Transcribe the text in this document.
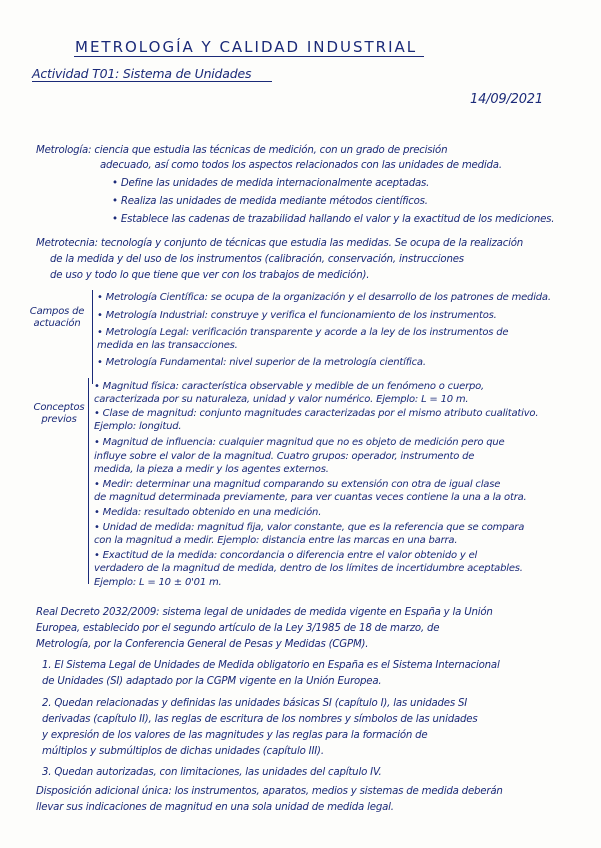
METROLOGÍA Y CALIDAD INDUSTRIAL
Actividad T01: Sistema de Unidades
14/09/2021
Metrología: ciencia que estudia las técnicas de medición, con un grado de precisión
adecuado, así como todos los aspectos relacionados con las unidades de medida.
• Define las unidades de medida internacionalmente aceptadas.
• Realiza las unidades de medida mediante métodos científicos.
• Establece las cadenas de trazabilidad hallando el valor y la exactitud de los mediciones.
Metrotecnia: tecnología y conjunto de técnicas que estudia las medidas. Se ocupa de la realización
de la medida y del uso de los instrumentos (calibración, conservación, instrucciones
de uso y todo lo que tiene que ver con los trabajos de medición).
Campos de actuación
• Metrología Científica: se ocupa de la organización y el desarrollo de los patrones de medida.
• Metrología Industrial: construye y verifica el funcionamiento de los instrumentos.
• Metrología Legal: verificación transparente y acorde a la ley de los instrumentos de
medida en las transacciones.
• Metrología Fundamental: nivel superior de la metrología científica.
Conceptos previos
• Magnitud física: característica observable y medible de un fenómeno o cuerpo,
caracterizada por su naturaleza, unidad y valor numérico. Ejemplo: L = 10 m.
• Clase de magnitud: conjunto magnitudes caracterizadas por el mismo atributo cualitativo.
Ejemplo: longitud.
• Magnitud de influencia: cualquier magnitud que no es objeto de medición pero que
influye sobre el valor de la magnitud. Cuatro grupos: operador, instrumento de
medida, la pieza a medir y los agentes externos.
• Medir: determinar una magnitud comparando su extensión con otra de igual clase
de magnitud determinada previamente, para ver cuantas veces contiene la una a la otra.
• Medida: resultado obtenido en una medición.
• Unidad de medida: magnitud fija, valor constante, que es la referencia que se compara
con la magnitud a medir. Ejemplo: distancia entre las marcas en una barra.
• Exactitud de la medida: concordancia o diferencia entre el valor obtenido y el
verdadero de la magnitud de medida, dentro de los límites de incertidumbre aceptables.
Ejemplo: L = 10 ± 0'01 m.
Real Decreto 2032/2009: sistema legal de unidades de medida vigente en España y la Unión
Europea, establecido por el segundo artículo de la Ley 3/1985 de 18 de marzo, de
Metrología, por la Conferencia General de Pesas y Medidas (CGPM).
1. El Sistema Legal de Unidades de Medida obligatorio en España es el Sistema Internacional
de Unidades (SI) adaptado por la CGPM vigente en la Unión Europea.
2. Quedan relacionadas y definidas las unidades básicas SI (capítulo I), las unidades SI
derivadas (capítulo II), las reglas de escritura de los nombres y símbolos de las unidades
y expresión de los valores de las magnitudes y las reglas para la formación de
múltiplos y submúltiplos de dichas unidades (capítulo III).
3. Quedan autorizadas, con limitaciones, las unidades del capítulo IV.
Disposición adicional única: los instrumentos, aparatos, medios y sistemas de medida deberán
llevar sus indicaciones de magnitud en una sola unidad de medida legal.
